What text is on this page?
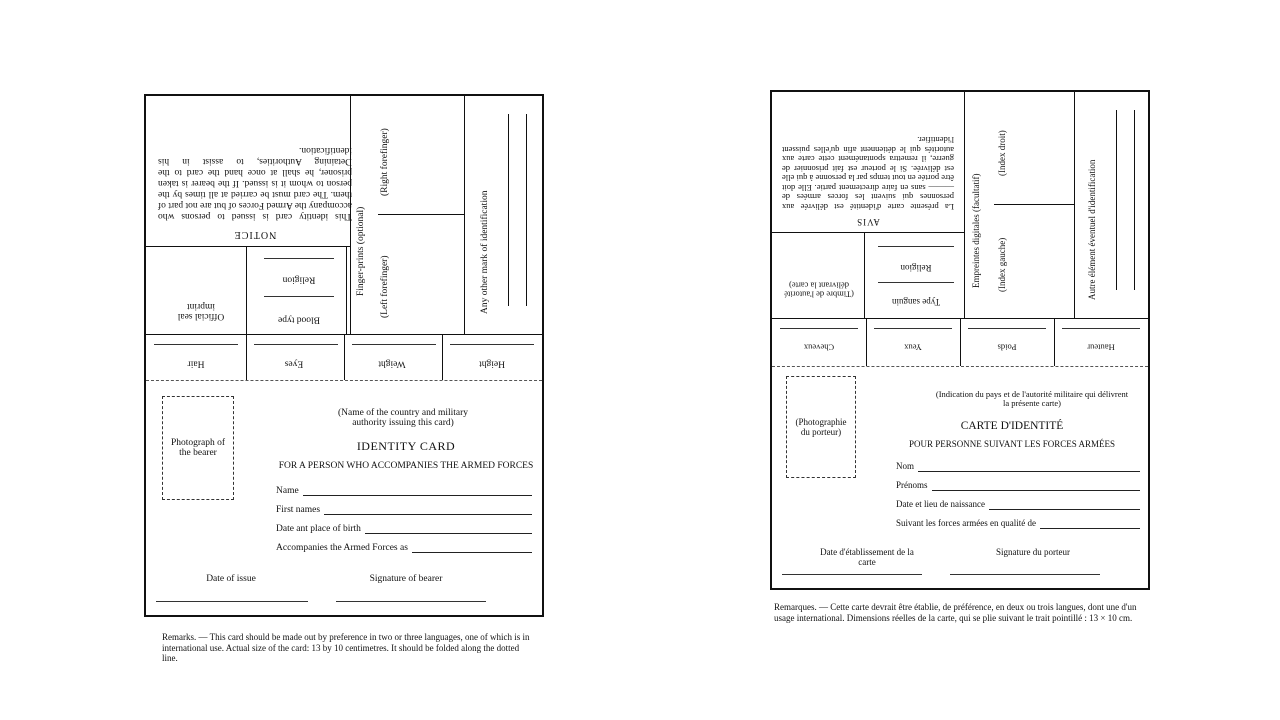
NOTICE
This identity card is issued to persons who accompany the Armed Forces of but are not part of them. The card must be carried at all times by the person to whom it is issued. If the bearer is taken prisoner, he shall at once hand the card to the Detaining Authorities, to assist in his identification.
Finger-prints (optional)
(Right forefinger)
(Left forefinger)	Any other mark of identification
Official seal imprint
Blood type
Religion
Hair	Eyes	Weight	Height
Photograph of the bearer
(Name of the country and military authority issuing this card)
IDENTITY CARD
FOR A PERSON WHO ACCOMPANIES THE ARMED FORCES
Name
First names
Date ant place of birth
Accompanies the Armed Forces as
Date of issue	Signature of bearer
Remarks. — This card should be made out by preference in two or three languages, one of which is in international use. Actual size of the card: 13 by 10 centimetres. It should be folded along the dotted line.
AVIS
La présente carte d'identité est délivrée aux personnes qui suivent les forces armées de ——— sans en faire directement partie. Elle doit être portée en tout temps par la personne à qui elle est délivrée. Si le porteur est fait prisonnier de guerre, il remettra spontanément cette carte aux autorités qui le détiennent afin qu'elles puissent l'identifier.
Empreintes digitales (facultatif)
(Index droit)
(Index gauche)	Autre élément éventuel d'identification
(Timbre de l'autorité délivrant la carte)
Type sanguin
Religion
Cheveux	Yeux	Poids	Hauteur
(Photographie du porteur)
(Indication du pays et de l'autorité militaire qui délivrent la présente carte)
CARTE D'IDENTITÉ
POUR PERSONNE SUIVANT LES FORCES ARMÉES
Nom
Prénoms
Date et lieu de naissance
Suivant les forces armées en qualité de
Date d'établissement de la carte
Signature du porteur
Remarques. — Cette carte devrait être établie, de préférence, en deux ou trois langues, dont une d'un usage international. Dimensions réelles de la carte, qui se plie suivant le trait pointillé : 13 × 10 cm.
